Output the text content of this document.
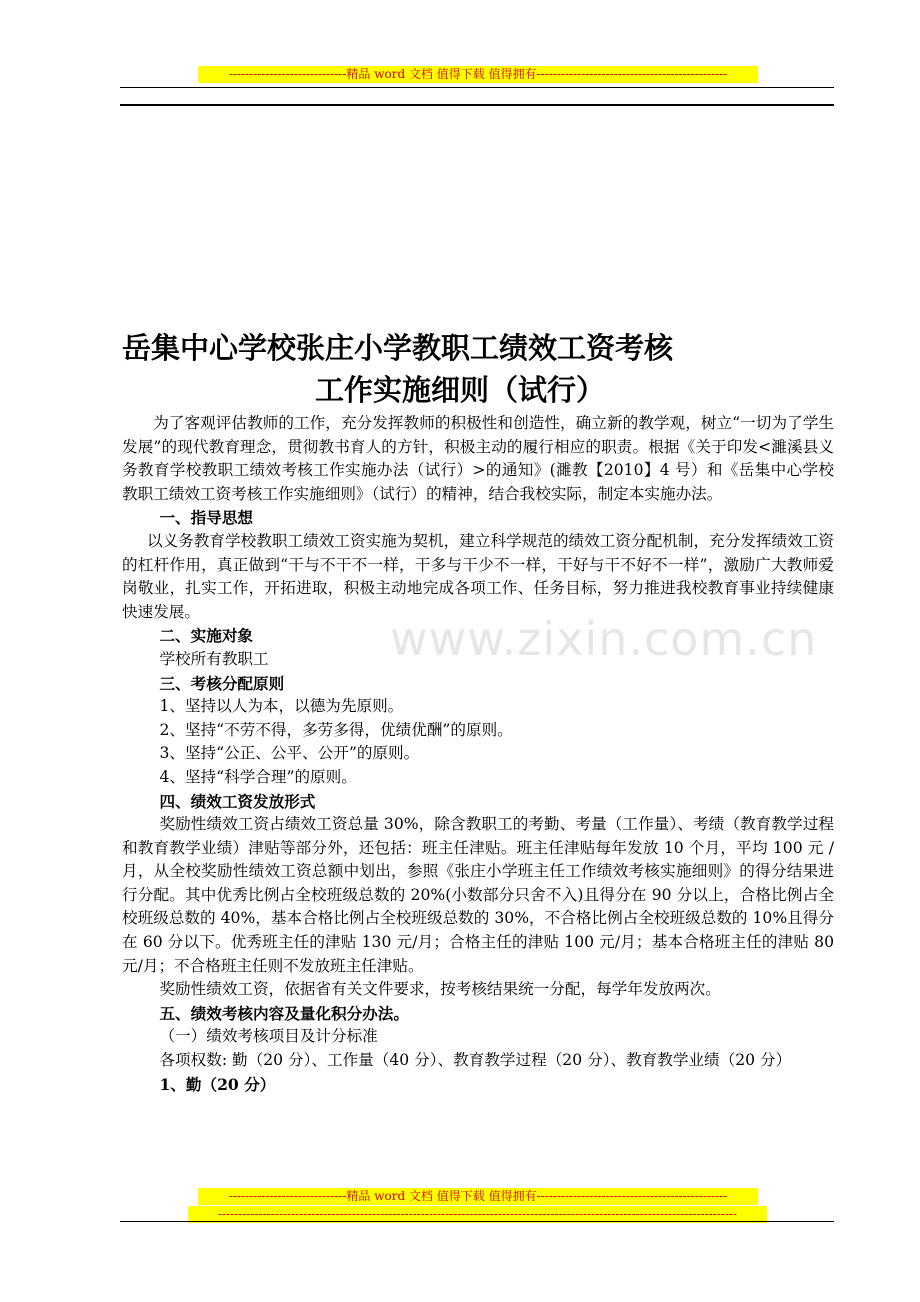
-----------------------------精品 word 文档 值得下载 值得拥有-----------------------------------------------
www.zixin.com.cn
岳集中心学校张庄小学教职工绩效工资考核
工作实施细则（试行）

为了客观评估教师的工作，充分发挥教师的积极性和创造性，确立新的教学观，树立“一切为了学生发展”的现代教育理念，贯彻教书育人的方针，积极主动的履行相应的职责。根据《关于印发<濉溪县义务教育学校教职工绩效考核工作实施办法（试行）>的通知》(濉教【2010】4 号）和《岳集中心学校教职工绩效工资考核工作实施细则》（试行）的精神，结合我校实际，制定本实施办法。

一、指导思想

以义务教育学校教职工绩效工资实施为契机，建立科学规范的绩效工资分配机制，充分发挥绩效工资的杠杆作用，真正做到“干与不干不一样，干多与干少不一样，干好与干不好不一样”，激励广大教师爱岗敬业，扎实工作，开拓进取，积极主动地完成各项工作、任务目标，努力推进我校教育事业持续健康快速发展。

二、实施对象

学校所有教职工

三、考核分配原则

1、坚持以人为本，以德为先原则。

2、坚持“不劳不得，多劳多得，优绩优酬”的原则。

3、坚持“公正、公平、公开”的原则。

4、坚持“科学合理”的原则。

四、绩效工资发放形式

奖励性绩效工资占绩效工资总量 30%，除含教职工的考勤、考量（工作量）、考绩（教育教学过程和教育教学业绩）津贴等部分外，还包括：班主任津贴。班主任津贴每年发放 10 个月，平均 100 元 / 月，从全校奖励性绩效工资总额中划出，参照《张庄小学班主任工作绩效考核实施细则》的得分结果进行分配。其中优秀比例占全校班级总数的 20%(小数部分只舍不入)且得分在 90 分以上，合格比例占全校班级总数的 40%，基本合格比例占全校班级总数的 30%，不合格比例占全校班级总数的 10%且得分在 60 分以下。优秀班主任的津贴 130 元/月；合格主任的津贴 100 元/月；基本合格班主任的津贴 80 元/月；不合格班主任则不发放班主任津贴。

奖励性绩效工资，依据省有关文件要求，按考核结果统一分配，每学年发放两次。

五、绩效考核内容及量化积分办法。

（一）绩效考核项目及计分标准

各项权数: 勤（20 分）、工作量（40 分）、教育教学过程（20 分）、教育教学业绩（20 分）

1、勤（20 分）

-----------------------------精品 word 文档 值得下载 值得拥有-----------------------------------------------
--------------------------------------------------------------------------------------------------------------------------------
